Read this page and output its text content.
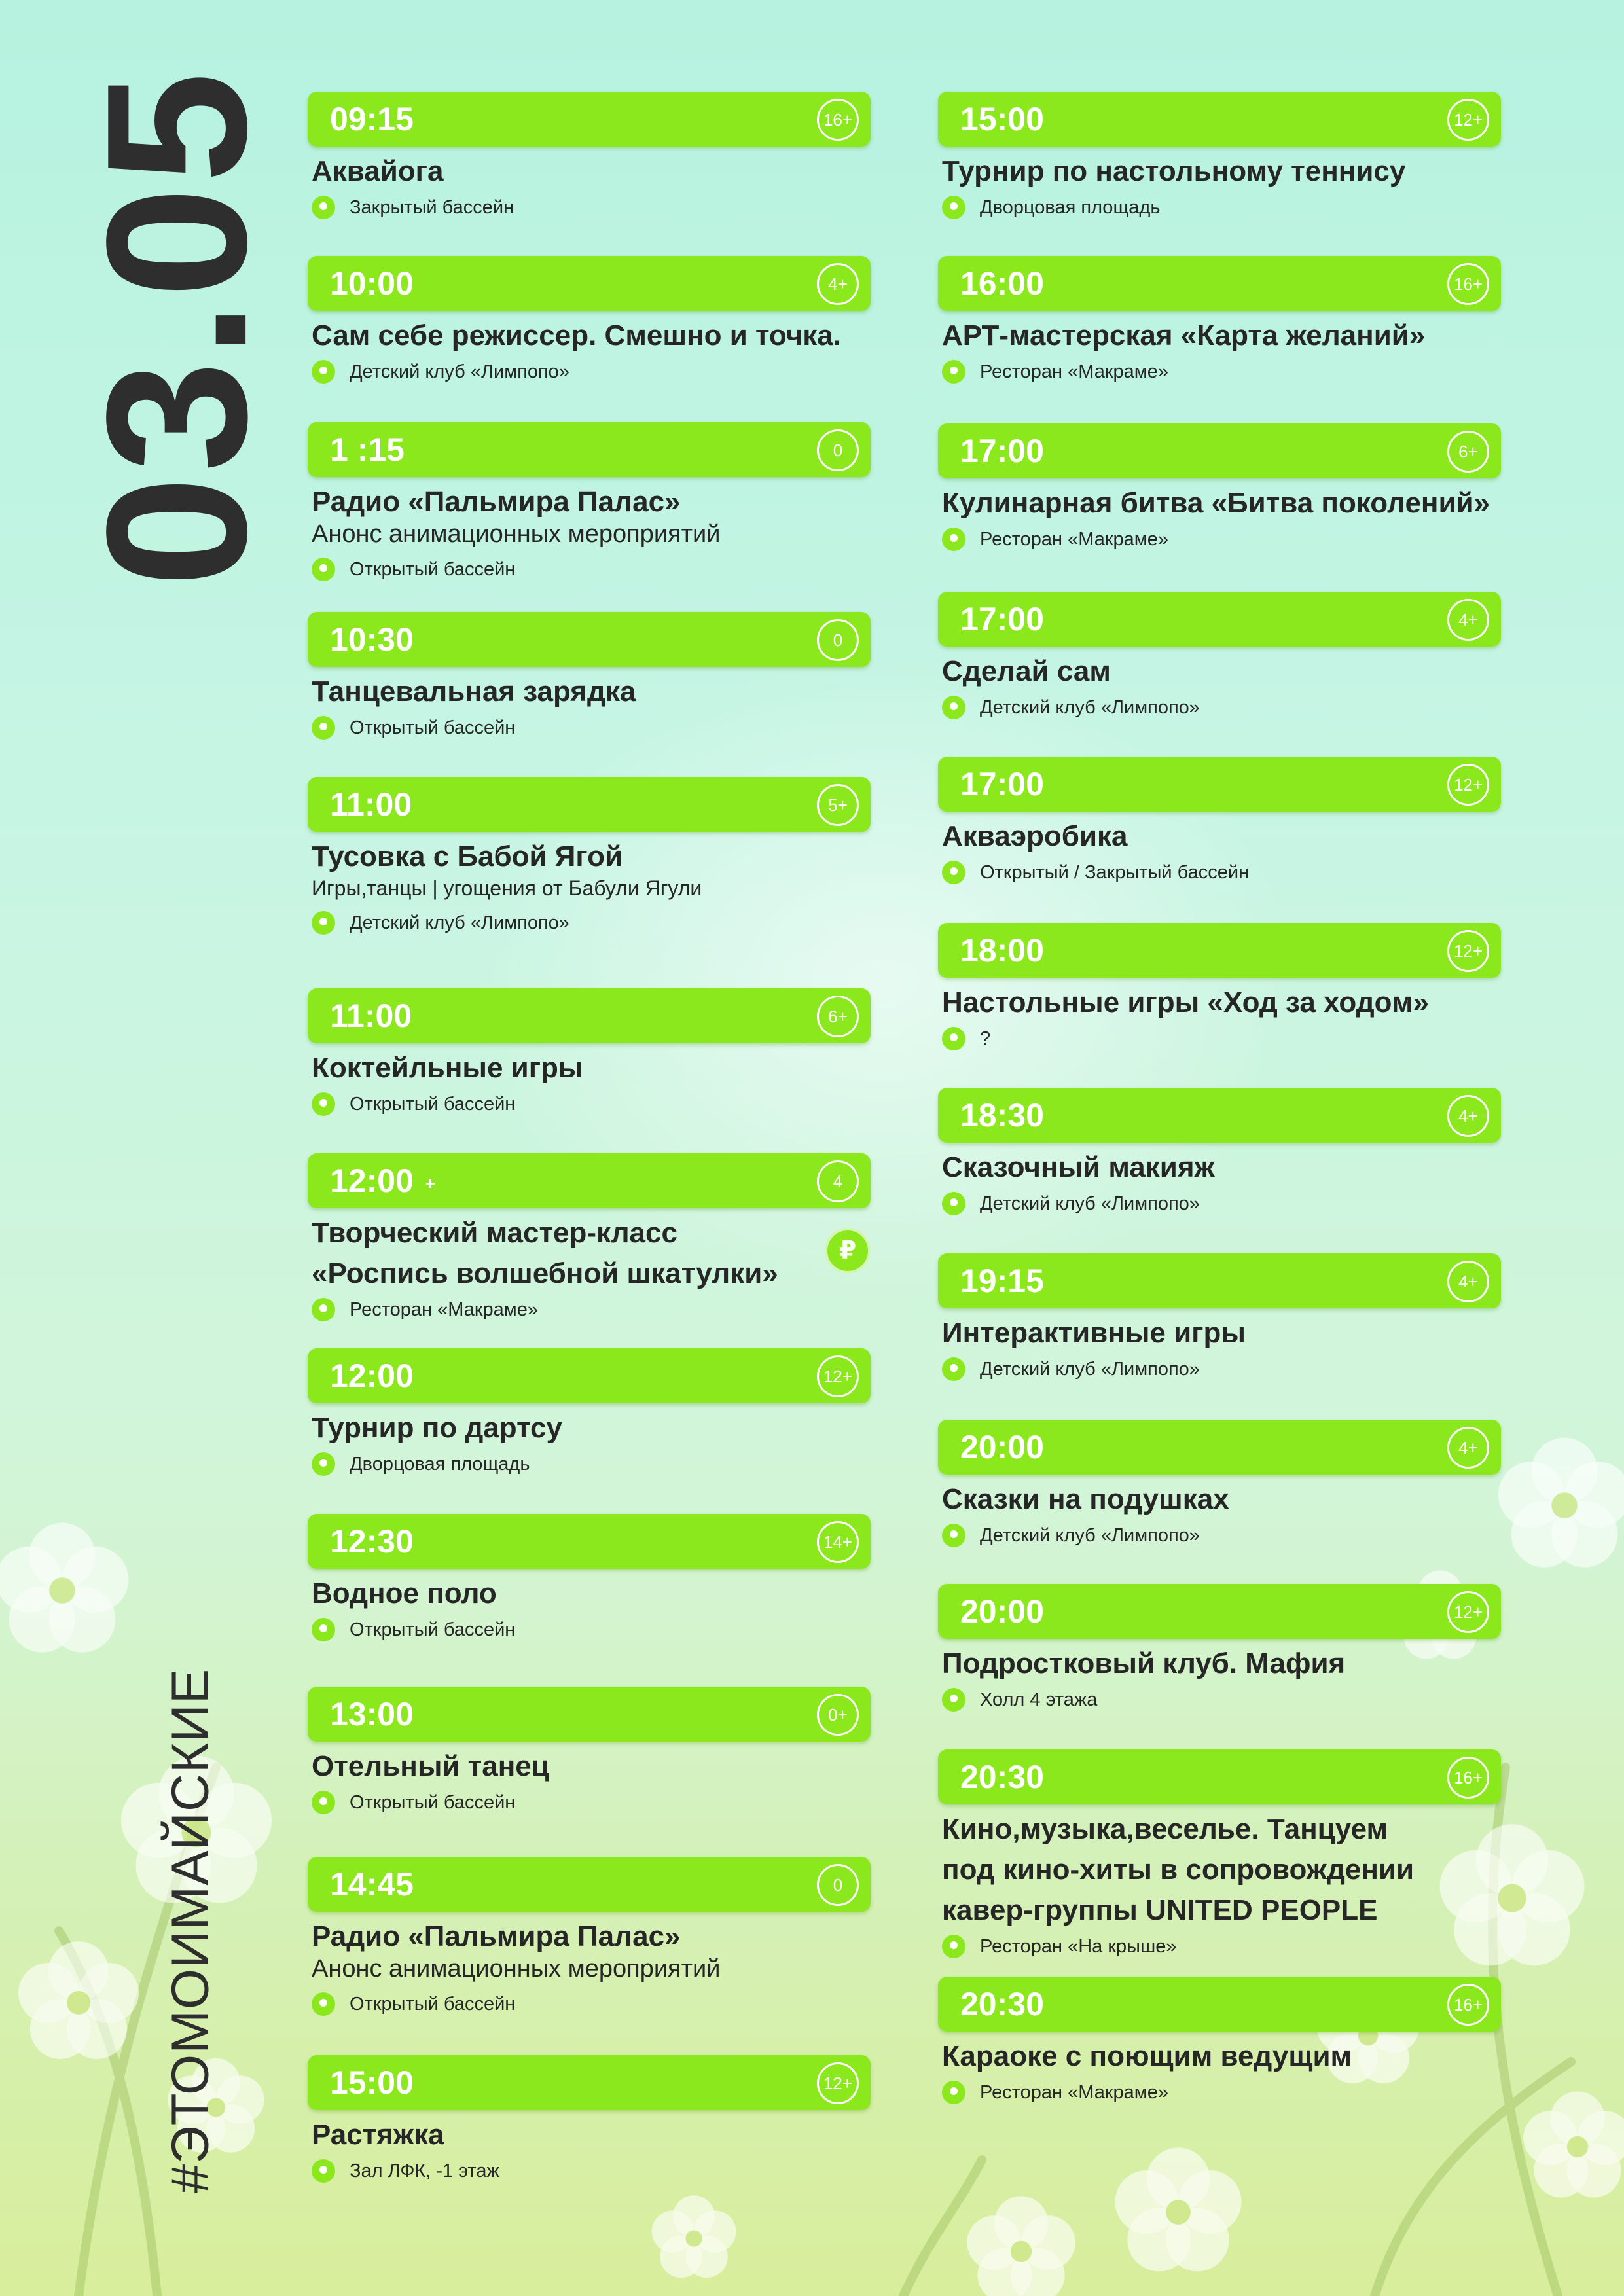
03.05
#ЭТОМОИМАЙСКИЕ
09:15	16+
Аквайога
Закрытый бассейн
10:00	4+
Сам себе режиссер. Смешно и точка.
Детский клуб «Лимпопо»
1 :15	0
Радио «Пальмира Палас»
Анонс анимационных мероприятий
Открытый бассейн
10:30	0
Танцевальная зарядка
Открытый бассейн
11:00	5+
Тусовка с Бабой Ягой
Игры,танцы | угощения от Бабули Ягули
Детский клуб «Лимпопо»
11:00	6+
Коктейльные игры
Открытый бассейн
12:00 +	4
Творческий мастер-класс
«Роспись волшебной шкатулки»
₽
Ресторан «Макраме»
12:00	12+
Турнир по дартсу
Дворцовая площадь
12:30	14+
Водное поло
Открытый бассейн
13:00	0+
Отельный танец
Открытый бассейн
14:45	0
Радио «Пальмира Палас»
Анонс анимационных мероприятий
Открытый бассейн
15:00	12+
Растяжка
Зал ЛФК, -1 этаж
15:00	12+
Турнир по настольному теннису
Дворцовая площадь
16:00	16+
АРТ-мастерская «Карта желаний»
Ресторан «Макраме»
17:00	6+
Кулинарная битва «Битва поколений»
Ресторан «Макраме»
17:00	4+
Сделай сам
Детский клуб «Лимпопо»
17:00	12+
Акваэробика
Открытый / Закрытый бассейн
18:00	12+
Настольные игры «Ход за ходом»
?
18:30	4+
Сказочный макияж
Детский клуб «Лимпопо»
19:15	4+
Интерактивные игры
Детский клуб «Лимпопо»
20:00	4+
Сказки на подушках
Детский клуб «Лимпопо»
20:00	12+
Подростковый клуб. Мафия
Холл 4 этажа
20:30	16+
Кино,музыка,веселье. Танцуем
под кино-хиты в сопровождении
кавер-группы UNITED PEOPLE
Ресторан «На крыше»
20:30	16+
Караоке с поющим ведущим
Ресторан «Макраме»
